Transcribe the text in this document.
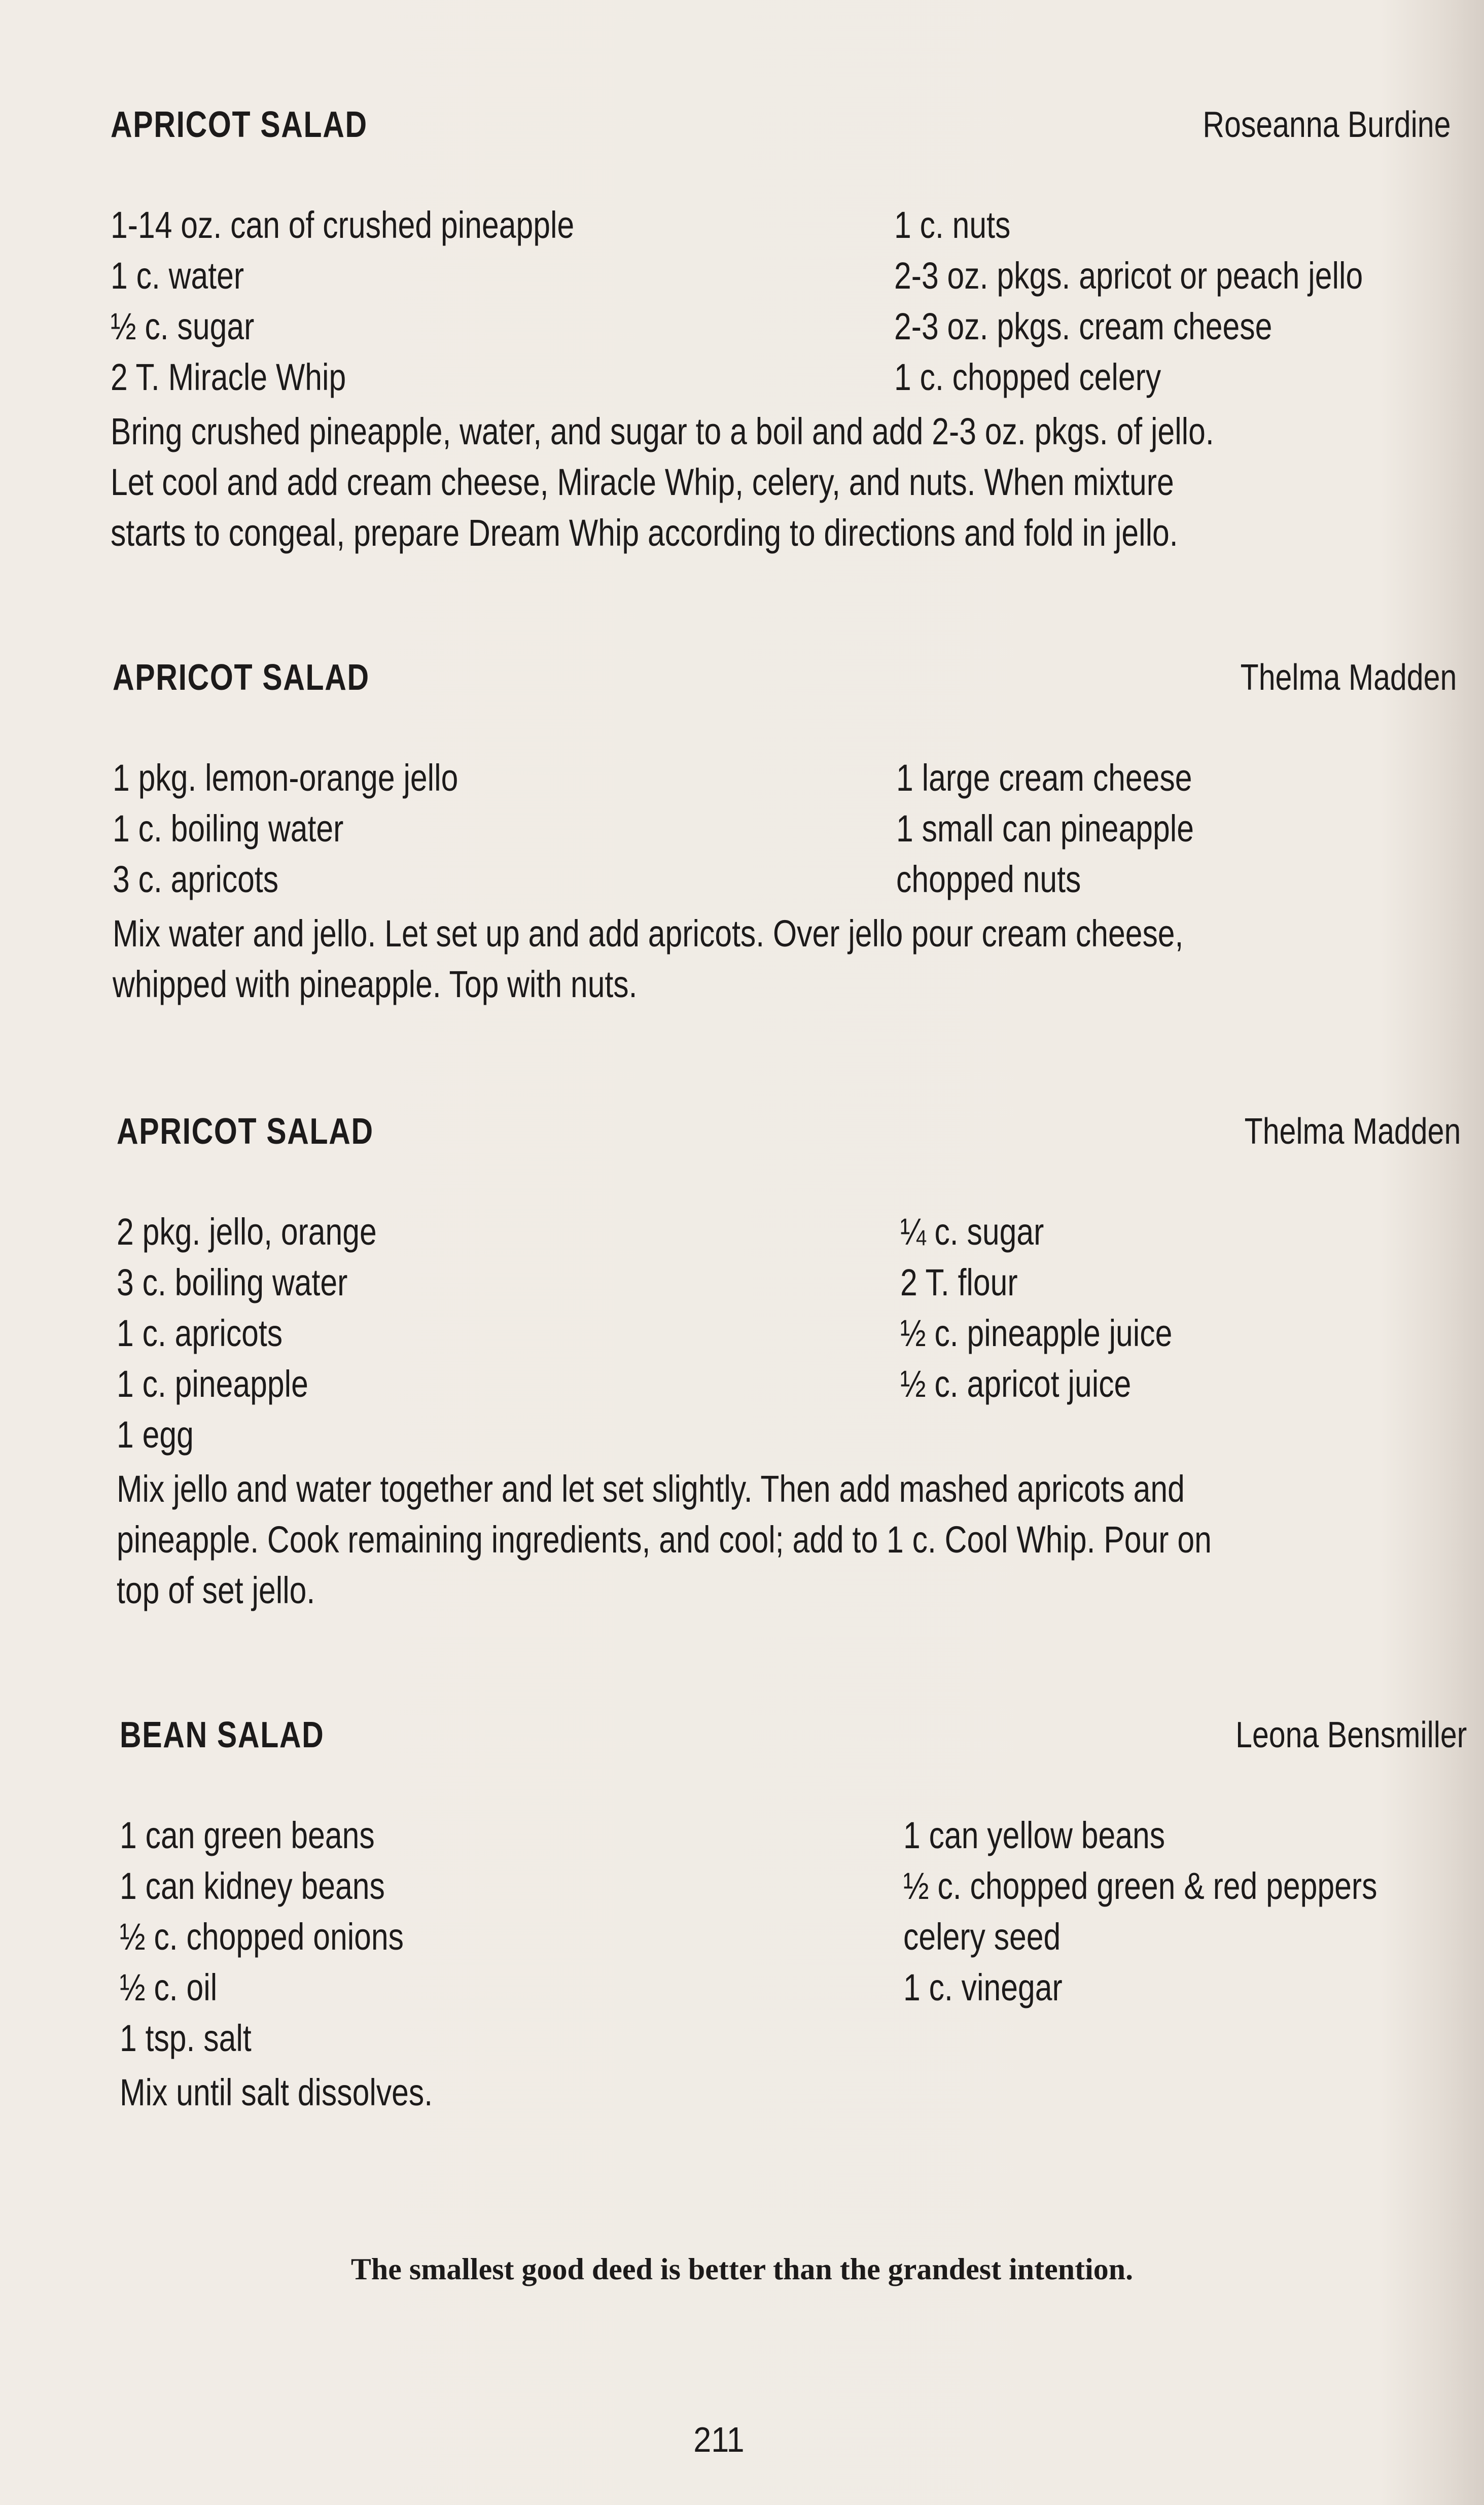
APRICOT SALAD	Roseanna Burdine
1-14 oz. can of crushed pineapple	1 c. nuts
1 c. water	2-3 oz. pkgs. apricot or peach jello
½ c. sugar	2-3 oz. pkgs. cream cheese
2 T. Miracle Whip	1 c. chopped celery
Bring crushed pineapple, water, and sugar to a boil and add 2-3 oz. pkgs. of jello.
Let cool and add cream cheese, Miracle Whip, celery, and nuts. When mixture
starts to congeal, prepare Dream Whip according to directions and fold in jello.
APRICOT SALAD	Thelma Madden
1 pkg. lemon-orange jello	1 large cream cheese
1 c. boiling water	1 small can pineapple
3 c. apricots	chopped nuts
Mix water and jello. Let set up and add apricots. Over jello pour cream cheese,
whipped with pineapple. Top with nuts.
APRICOT SALAD	Thelma Madden
2 pkg. jello, orange	¼ c. sugar
3 c. boiling water	2 T. flour
1 c. apricots	½ c. pineapple juice
1 c. pineapple	½ c. apricot juice
1 egg
Mix jello and water together and let set slightly. Then add mashed apricots and
pineapple. Cook remaining ingredients, and cool; add to 1 c. Cool Whip. Pour on
top of set jello.
BEAN SALAD	Leona Bensmiller
1 can green beans	1 can yellow beans
1 can kidney beans	½ c. chopped green & red peppers
½ c. chopped onions	celery seed
½ c. oil	1 c. vinegar
1 tsp. salt
Mix until salt dissolves.
The smallest good deed is better than the grandest intention.
211
